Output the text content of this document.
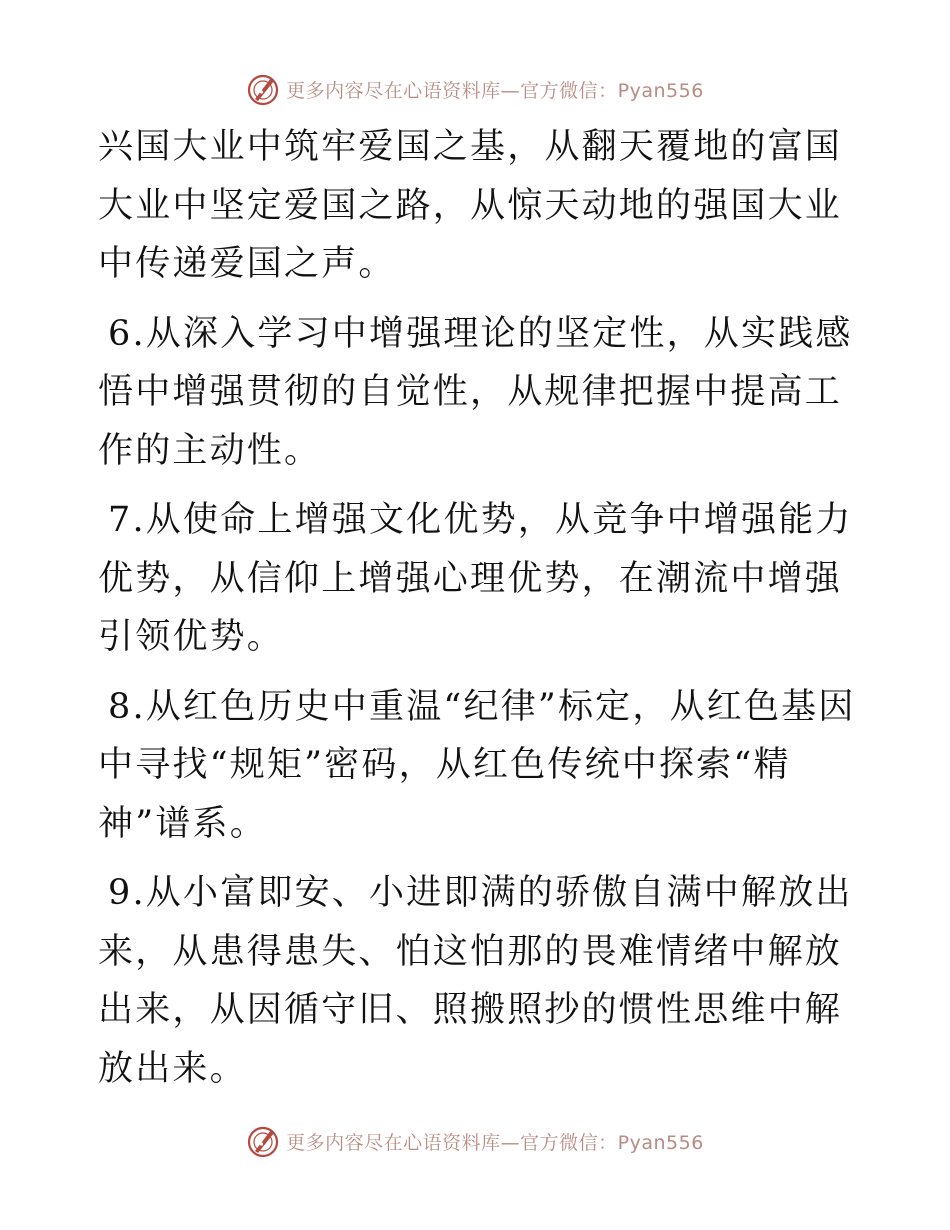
更多内容尽在心语资料库—官方微信：Pyan556

兴国大业中筑牢爱国之基，从翻天覆地的富国大业中坚定爱国之路，从惊天动地的强国大业中传递爱国之声。

6.从深入学习中增强理论的坚定性，从实践感悟中增强贯彻的自觉性，从规律把握中提高工作的主动性。

7.从使命上增强文化优势，从竞争中增强能力优势，从信仰上增强心理优势，在潮流中增强引领优势。

8.从红色历史中重温“纪律”标定，从红色基因中寻找“规矩”密码，从红色传统中探索“精神”谱系。

9.从小富即安、小进即满的骄傲自满中解放出来，从患得患失、怕这怕那的畏难情绪中解放出来，从因循守旧、照搬照抄的惯性思维中解放出来。

更多内容尽在心语资料库—官方微信：Pyan556
